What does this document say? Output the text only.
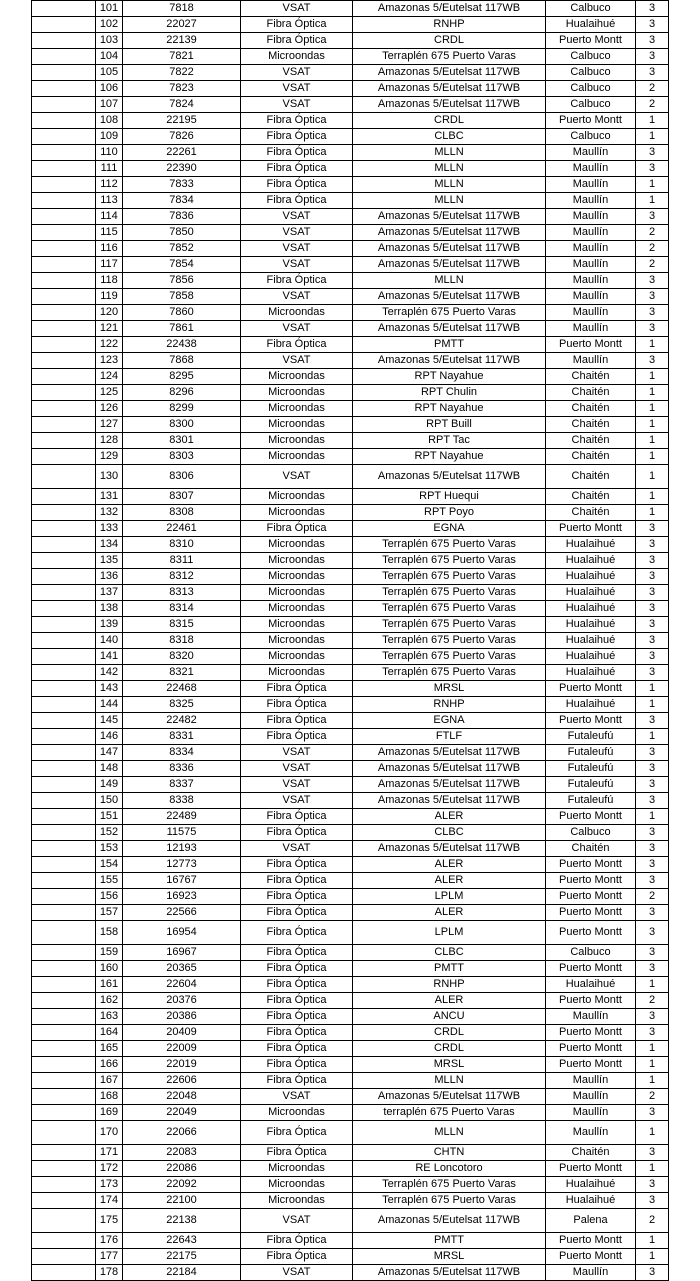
	101	7818	VSAT	Amazonas 5/Eutelsat 117WB	Calbuco	3
	102	22027	Fibra Óptica	RNHP	Hualaihué	3
	103	22139	Fibra Óptica	CRDL	Puerto Montt	3
	104	7821	Microondas	Terraplén 675 Puerto Varas	Calbuco	3
	105	7822	VSAT	Amazonas 5/Eutelsat 117WB	Calbuco	3
	106	7823	VSAT	Amazonas 5/Eutelsat 117WB	Calbuco	2
	107	7824	VSAT	Amazonas 5/Eutelsat 117WB	Calbuco	2
	108	22195	Fibra Óptica	CRDL	Puerto Montt	1
	109	7826	Fibra Óptica	CLBC	Calbuco	1
	110	22261	Fibra Óptica	MLLN	Maullín	3
	111	22390	Fibra Óptica	MLLN	Maullín	3
	112	7833	Fibra Óptica	MLLN	Maullín	1
	113	7834	Fibra Óptica	MLLN	Maullín	1
	114	7836	VSAT	Amazonas 5/Eutelsat 117WB	Maullín	3
	115	7850	VSAT	Amazonas 5/Eutelsat 117WB	Maullín	2
	116	7852	VSAT	Amazonas 5/Eutelsat 117WB	Maullín	2
	117	7854	VSAT	Amazonas 5/Eutelsat 117WB	Maullín	2
	118	7856	Fibra Óptica	MLLN	Maullín	3
	119	7858	VSAT	Amazonas 5/Eutelsat 117WB	Maullín	3
	120	7860	Microondas	Terraplén 675 Puerto Varas	Maullín	3
	121	7861	VSAT	Amazonas 5/Eutelsat 117WB	Maullín	3
	122	22438	Fibra Óptica	PMTT	Puerto Montt	1
	123	7868	VSAT	Amazonas 5/Eutelsat 117WB	Maullín	3
	124	8295	Microondas	RPT Nayahue	Chaitén	1
	125	8296	Microondas	RPT Chulin	Chaitén	1
	126	8299	Microondas	RPT Nayahue	Chaitén	1
	127	8300	Microondas	RPT Buill	Chaitén	1
	128	8301	Microondas	RPT Tac	Chaitén	1
	129	8303	Microondas	RPT Nayahue	Chaitén	1
	130	8306	VSAT	Amazonas 5/Eutelsat 117WB	Chaitén	1
	131	8307	Microondas	RPT Huequi	Chaitén	1
	132	8308	Microondas	RPT Poyo	Chaitén	1
	133	22461	Fibra Óptica	EGNA	Puerto Montt	3
	134	8310	Microondas	Terraplén 675 Puerto Varas	Hualaihué	3
	135	8311	Microondas	Terraplén 675 Puerto Varas	Hualaihué	3
	136	8312	Microondas	Terraplén 675 Puerto Varas	Hualaihué	3
	137	8313	Microondas	Terraplén 675 Puerto Varas	Hualaihué	3
	138	8314	Microondas	Terraplén 675 Puerto Varas	Hualaihué	3
	139	8315	Microondas	Terraplén 675 Puerto Varas	Hualaihué	3
	140	8318	Microondas	Terraplén 675 Puerto Varas	Hualaihué	3
	141	8320	Microondas	Terraplén 675 Puerto Varas	Hualaihué	3
	142	8321	Microondas	Terraplén 675 Puerto Varas	Hualaihué	3
	143	22468	Fibra Óptica	MRSL	Puerto Montt	1
	144	8325	Fibra Óptica	RNHP	Hualaihué	1
	145	22482	Fibra Óptica	EGNA	Puerto Montt	3
	146	8331	Fibra Óptica	FTLF	Futaleufú	1
	147	8334	VSAT	Amazonas 5/Eutelsat 117WB	Futaleufú	3
	148	8336	VSAT	Amazonas 5/Eutelsat 117WB	Futaleufú	3
	149	8337	VSAT	Amazonas 5/Eutelsat 117WB	Futaleufú	3
	150	8338	VSAT	Amazonas 5/Eutelsat 117WB	Futaleufú	3
	151	22489	Fibra Óptica	ALER	Puerto Montt	1
	152	11575	Fibra Óptica	CLBC	Calbuco	3
	153	12193	VSAT	Amazonas 5/Eutelsat 117WB	Chaitén	3
	154	12773	Fibra Óptica	ALER	Puerto Montt	3
	155	16767	Fibra Óptica	ALER	Puerto Montt	3
	156	16923	Fibra Óptica	LPLM	Puerto Montt	2
	157	22566	Fibra Óptica	ALER	Puerto Montt	3
	158	16954	Fibra Óptica	LPLM	Puerto Montt	3
	159	16967	Fibra Óptica	CLBC	Calbuco	3
	160	20365	Fibra Óptica	PMTT	Puerto Montt	3
	161	22604	Fibra Óptica	RNHP	Hualaihué	1
	162	20376	Fibra Óptica	ALER	Puerto Montt	2
	163	20386	Fibra Óptica	ANCU	Maullín	3
	164	20409	Fibra Óptica	CRDL	Puerto Montt	3
	165	22009	Fibra Óptica	CRDL	Puerto Montt	1
	166	22019	Fibra Óptica	MRSL	Puerto Montt	1
	167	22606	Fibra Óptica	MLLN	Maullín	1
	168	22048	VSAT	Amazonas 5/Eutelsat 117WB	Maullín	2
	169	22049	Microondas	terraplén 675 Puerto Varas	Maullín	3
	170	22066	Fibra Óptica	MLLN	Maullín	1
	171	22083	Fibra Óptica	CHTN	Chaitén	3
	172	22086	Microondas	RE Loncotoro	Puerto Montt	1
	173	22092	Microondas	Terraplén 675 Puerto Varas	Hualaihué	3
	174	22100	Microondas	Terraplén 675 Puerto Varas	Hualaihué	3
	175	22138	VSAT	Amazonas 5/Eutelsat 117WB	Palena	2
	176	22643	Fibra Óptica	PMTT	Puerto Montt	1
	177	22175	Fibra Óptica	MRSL	Puerto Montt	1
	178	22184	VSAT	Amazonas 5/Eutelsat 117WB	Maullín	3
